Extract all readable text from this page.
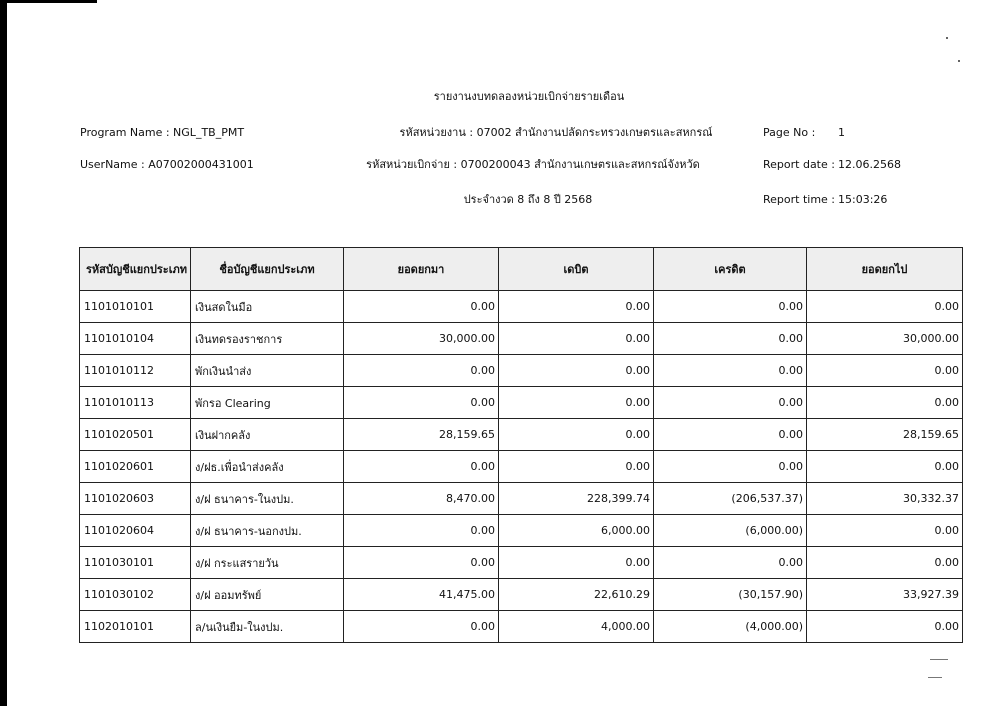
รายงานงบทดลองหน่วยเบิกจ่ายรายเดือน
Program Name : NGL_TB_PMT
UserName : A07002000431001
รหัสหน่วยงาน : 07002 สำนักงานปลัดกระทรวงเกษตรและสหกรณ์
รหัสหน่วยเบิกจ่าย : 0700200043 สำนักงานเกษตรและสหกรณ์จังหวัด
ประจำงวด 8 ถึง 8 ปี 2568
Page No : 1
Report date : 12.06.2568
Report time : 15:03:26
รหัสบัญชีแยกประเภท	ชื่อบัญชีแยกประเภท	ยอดยกมา	เดบิต	เครดิต	ยอดยกไป
1101010101	เงินสดในมือ	0.00	0.00	0.00	0.00
1101010104	เงินทดรองราชการ	30,000.00	0.00	0.00	30,000.00
1101010112	พักเงินนำส่ง	0.00	0.00	0.00	0.00
1101010113	พักรอ Clearing	0.00	0.00	0.00	0.00
1101020501	เงินฝากคลัง	28,159.65	0.00	0.00	28,159.65
1101020601	ง/ฝธ.เพื่อนำส่งคลัง	0.00	0.00	0.00	0.00
1101020603	ง/ฝ ธนาคาร-ในงปม.	8,470.00	228,399.74	(206,537.37)	30,332.37
1101020604	ง/ฝ ธนาคาร-นอกงปม.	0.00	6,000.00	(6,000.00)	0.00
1101030101	ง/ฝ กระแสรายวัน	0.00	0.00	0.00	0.00
1101030102	ง/ฝ ออมทรัพย์	41,475.00	22,610.29	(30,157.90)	33,927.39
1102010101	ล/นเงินยืม-ในงปม.	0.00	4,000.00	(4,000.00)	0.00
